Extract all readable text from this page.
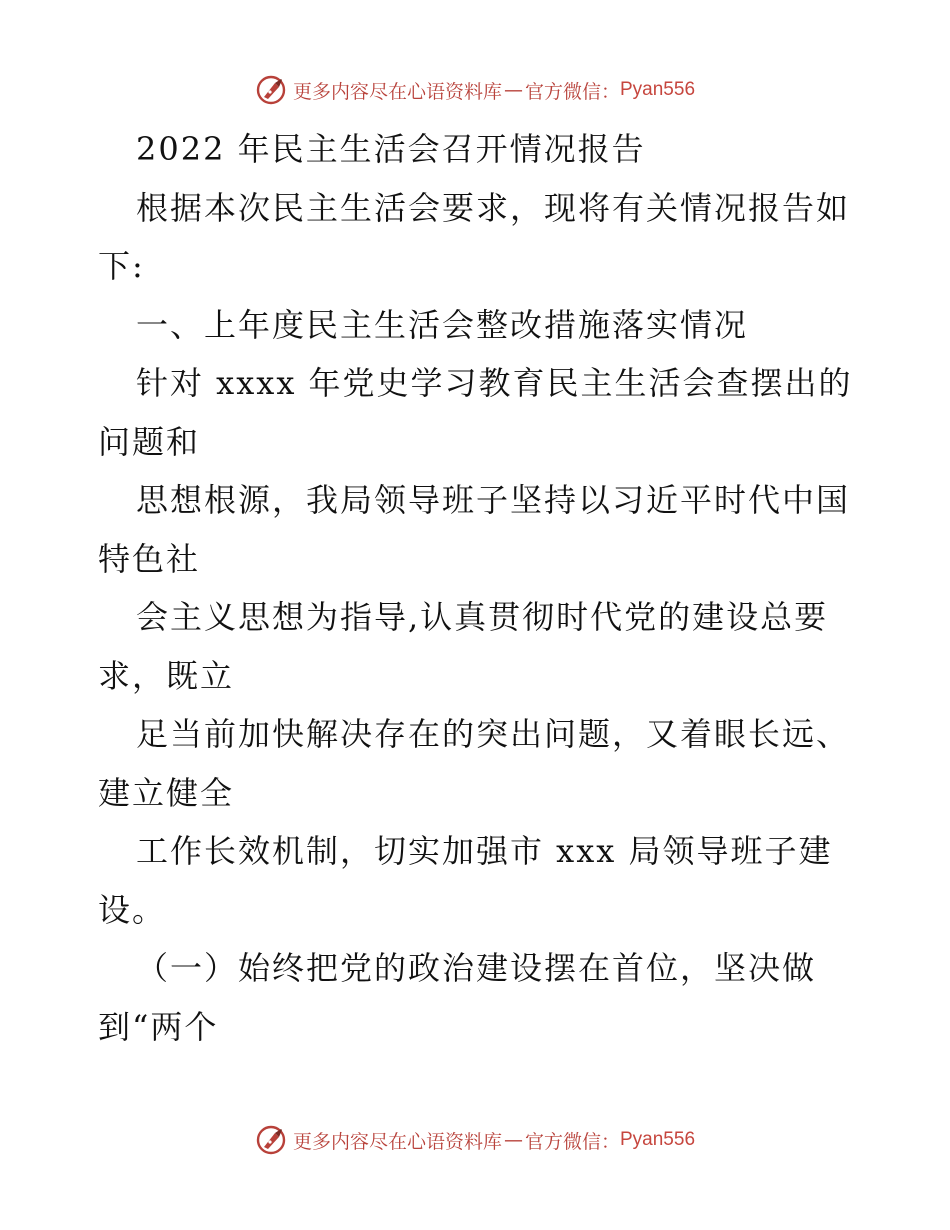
更多内容尽在心语资料库 — 官方微信： Pyan556
2022 年民主生活会召开情况报告
根据本次民主生活会要求，现将有关情况报告如
下:
一、上年度民主生活会整改措施落实情况
针对 xxxx 年党史学习教育民主生活会查摆出的
问题和
思想根源，我局领导班子坚持以习近平时代中国
特色社
会主义思想为指导,认真贯彻时代党的建设总要
求，既立
足当前加快解决存在的突出问题，又着眼长远、
建立健全
工作长效机制，切实加强市 xxx 局领导班子建
设。
（一）始终把党的政治建设摆在首位，坚决做
到“两个
更多内容尽在心语资料库 — 官方微信： Pyan556
